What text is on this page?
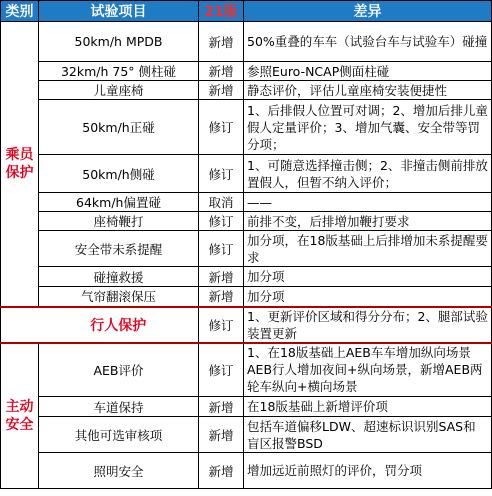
类别	试验项目	21版	差异
乘员
保护	50km/h MPDB	新增	50%重叠的车车（试验台车与试验车）碰撞
	32km/h 75° 侧柱碰	新增	参照Euro-NCAP侧面柱碰
	儿童座椅	新增	静态评价，评估儿童座椅安装便捷性
	50km/h正碰	修订	1、后排假人位置可对调；2、增加后排儿童假人定量评价；3、增加气囊、安全带等罚分项；
	50km/h侧碰	修订	1、可随意选择撞击侧；2、非撞击侧前排放置假人，但暂不纳入评价；
	64km/h偏置碰	取消	——
	座椅鞭打	修订	前排不变，后排增加鞭打要求
	安全带未系提醒	修订	加分项，在18版基础上后排增加未系提醒要求
	碰撞救援	新增	加分项
	气帘翻滚保压	新增	加分项
	行人保护	修订	1、更新评价区域和得分分布；2、腿部试验装置更新
主动
安全	AEB评价	修订	1、在18版基础上AEB车车增加纵向场景AEB行人增加夜间+纵向场景，新增AEB两轮车纵向+横向场景
	车道保持	新增	在18版基础上新增评价项
	其他可选审核项	新增	包括车道偏移LDW、超速标识识别SAS和盲区报警BSD
	照明安全	新增	增加远近前照灯的评价，罚分项
